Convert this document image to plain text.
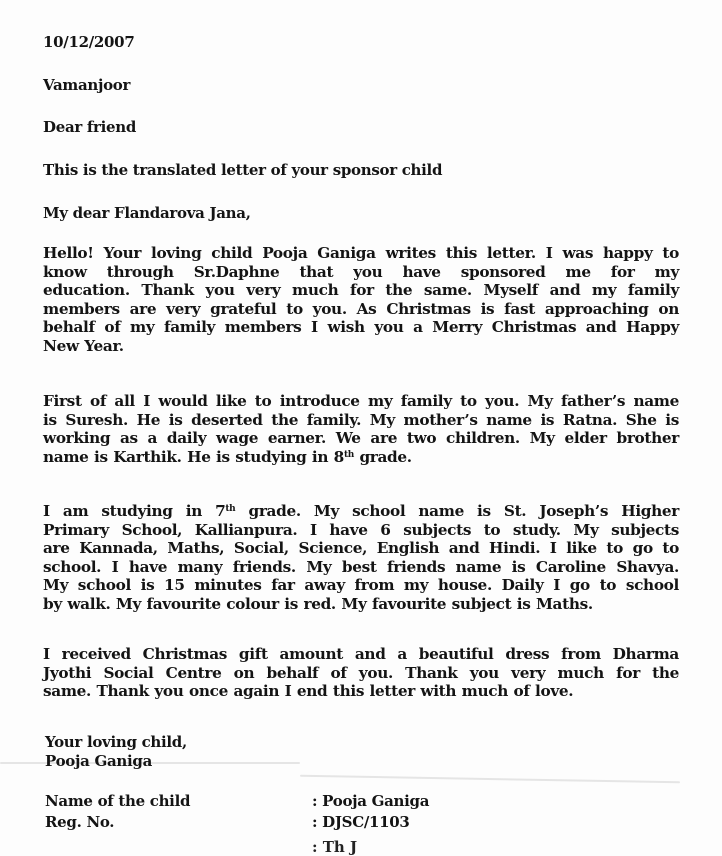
10/12/2007
Vamanjoor
Dear friend
This is the translated letter of your sponsor child
My dear Flandarova Jana,
Hello! Your loving child Pooja Ganiga writes this letter. I was happy to
know through Sr.Daphne that you have sponsored me for my
education. Thank you very much for the same. Myself and my family
members are very grateful to you. As Christmas is fast approaching on
behalf of my family members I wish you a Merry Christmas and Happy
New Year.
First of all I would like to introduce my family to you. My father’s name
is Suresh. He is deserted the family. My mother’s name is Ratna. She is
working as a daily wage earner. We are two children. My elder brother
name is Karthik. He is studying in 8th grade.
I am studying in 7th grade. My school name is St. Joseph’s Higher
Primary School, Kallianpura. I have 6 subjects to study. My subjects
are Kannada, Maths, Social, Science, English and Hindi. I like to go to
school. I have many friends. My best friends name is Caroline Shavya.
My school is 15 minutes far away from my house. Daily I go to school
by walk. My favourite colour is red. My favourite subject is Maths.
I received Christmas gift amount and a beautiful dress from Dharma
Jyothi Social Centre on behalf of you. Thank you very much for the
same. Thank you once again I end this letter with much of love.
Your loving child,
Pooja Ganiga
Name of the child	: Pooja Ganiga
Reg. No.	: DJSC/1103
: Th J
